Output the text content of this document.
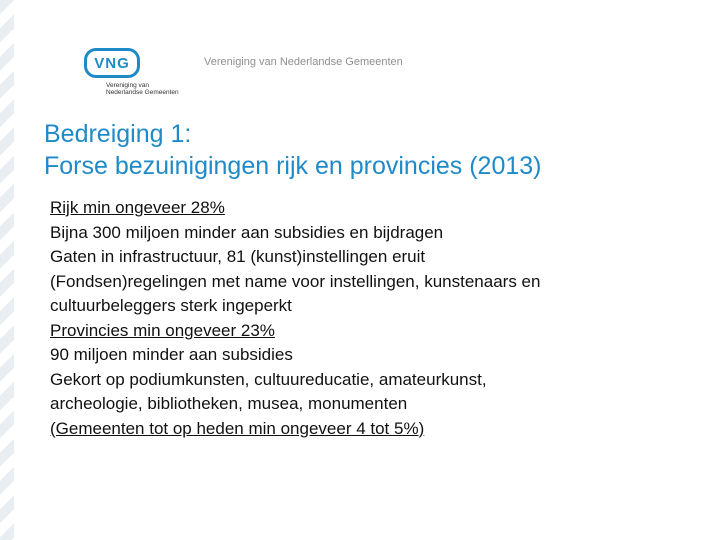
VNG
Vereniging van
Nederlandse Gemeenten
Vereniging van Nederlandse Gemeenten
Bedreiging 1:
Forse bezuinigingen rijk en provincies (2013)
Rijk min ongeveer 28%
Bijna 300 miljoen minder aan subsidies en bijdragen
Gaten in infrastructuur, 81 (kunst)instellingen eruit
(Fondsen)regelingen met name voor instellingen, kunstenaars en
cultuurbeleggers sterk ingeperkt
Provincies min ongeveer 23%
90 miljoen minder aan subsidies
Gekort op podiumkunsten, cultuureducatie, amateurkunst,
archeologie, bibliotheken, musea, monumenten
(Gemeenten tot op heden min ongeveer 4 tot 5%)
